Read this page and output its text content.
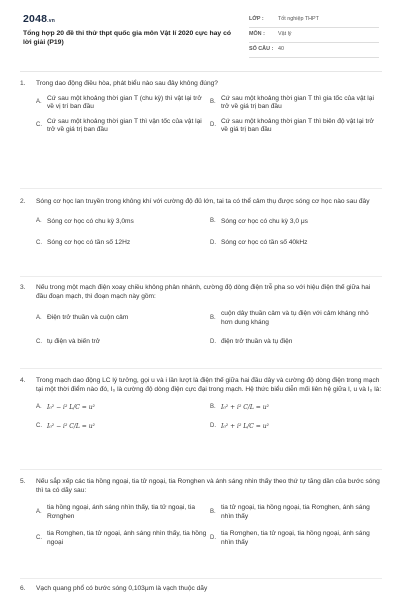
2048.vn
Tổng hợp 20 đề thi thử thpt quốc gia môn Vật lí 2020 cực hay có lời giải (P19)
LỚP :	Tốt nghiệp THPT
MÔN :	Vật lý
SỐ CÂU : 40
1.	Trong dao động điều hòa, phát biểu nào sau đây không đúng?
A.
Cứ sau một khoảng thời gian T (chu kỳ) thì vật lại trở về vị trí ban đầu
B.
Cứ sau một khoảng thời gian T thì gia tốc của vật lại trở về giá trị ban đầu
C.
Cứ sau một khoảng thời gian T thì vận tốc của vật lại trở về giá trị ban đầu
D.
Cứ sau một khoảng thời gian T thì biên độ vật lại trở về giá trị ban đầu
2.	Sóng cơ học lan truyền trong không khí với cường độ đủ lớn, tai ta có thể cảm thụ được sóng cơ học nào sau đây
A. Sóng cơ học có chu kỳ 3,0ms	B. Sóng cơ học có chu kỳ 3,0 μs
C. Sóng cơ học có tần số 12Hz	D. Sóng cơ học có tần số 40kHz
3.	Nếu trong một mạch điện xoay chiều không phân nhánh, cường độ dòng điện trễ pha so với hiệu điện thế giữa hai đầu đoạn mạch, thì đoạn mạch này gồm:
A. Điện trở thuần và cuộn cảm	B.
cuộn dây thuần cảm và tụ điện với cảm kháng nhỏ hơn dung kháng
C. tụ điện và biến trở	D. điện trở thuần và tụ điện
4.	Trong mạch dao động LC lý tưởng, gọi u và i lần lượt là điện thế giữa hai đầu dây và cường độ dòng điện trong mạch tại một thời điểm nào đó, I₀ là cường độ dòng điện cực đại trong mạch. Hệ thức biểu diễn mối liên hệ giữa I, u và I₀ là:
A. I₀² − i² L/C = u²	B. I₀² + i² C/L = u²
C. I₀² − i² C/L = u²	D. I₀² + i² L/C = u²
5.	Nếu sắp xếp các tia hồng ngoại, tia tử ngoại, tia Rơnghen và ánh sáng nhìn thấy theo thứ tự tăng dần của bước sóng thì ta có dãy sau:
A.
tia hồng ngoại, ánh sáng nhìn thấy, tia tử ngoại, tia Rơnghen
B.
tia tử ngoại, tia hồng ngoại, tia Rơnghen, ánh sáng nhìn thấy
C.
tia Rơnghen, tia tử ngoại, ánh sáng nhìn thấy, tia hồng ngoại
D.
tia Rơnghen, tia tử ngoại, tia hồng ngoại, ánh sáng nhìn thấy
6.	Vạch quang phổ có bước sóng 0,103μm là vạch thuộc dãy
